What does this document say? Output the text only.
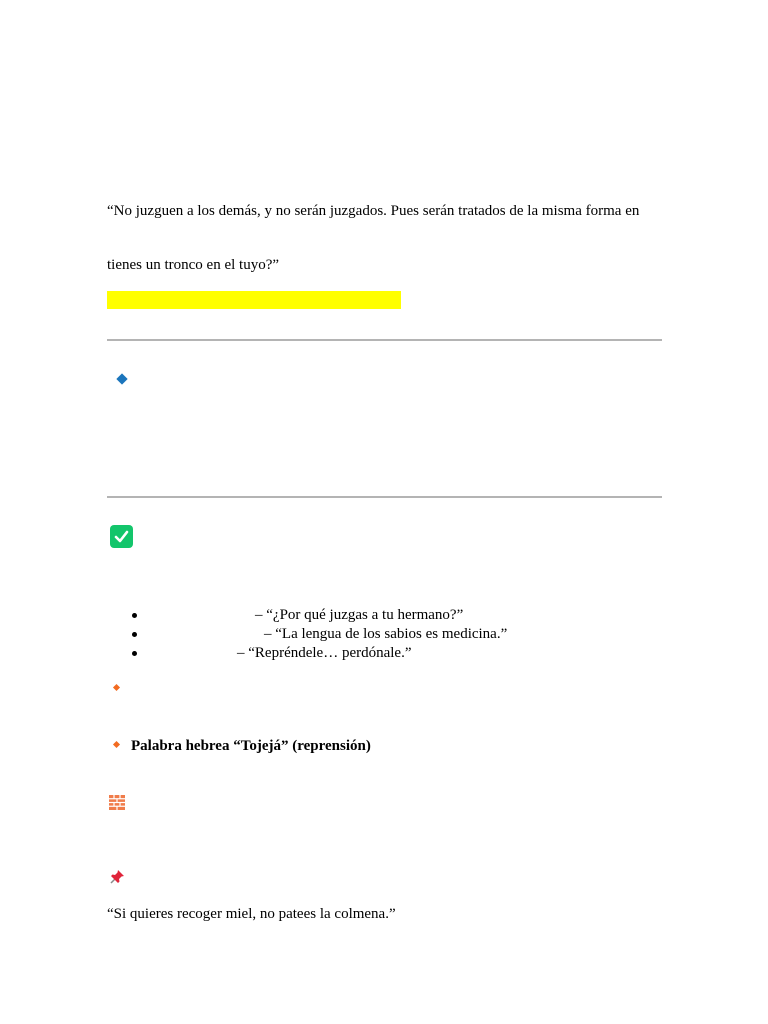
“No juzguen a los demás, y no serán juzgados. Pues serán tratados de la misma forma en
tienes un tronco en el tuyo?”
– “¿Por qué juzgas a tu hermano?”
– “La lengua de los sabios es medicina.”
– “Repréndele… perdónale.”
Palabra hebrea “Tojejá” (reprensión)
“Si quieres recoger miel, no patees la colmena.”
